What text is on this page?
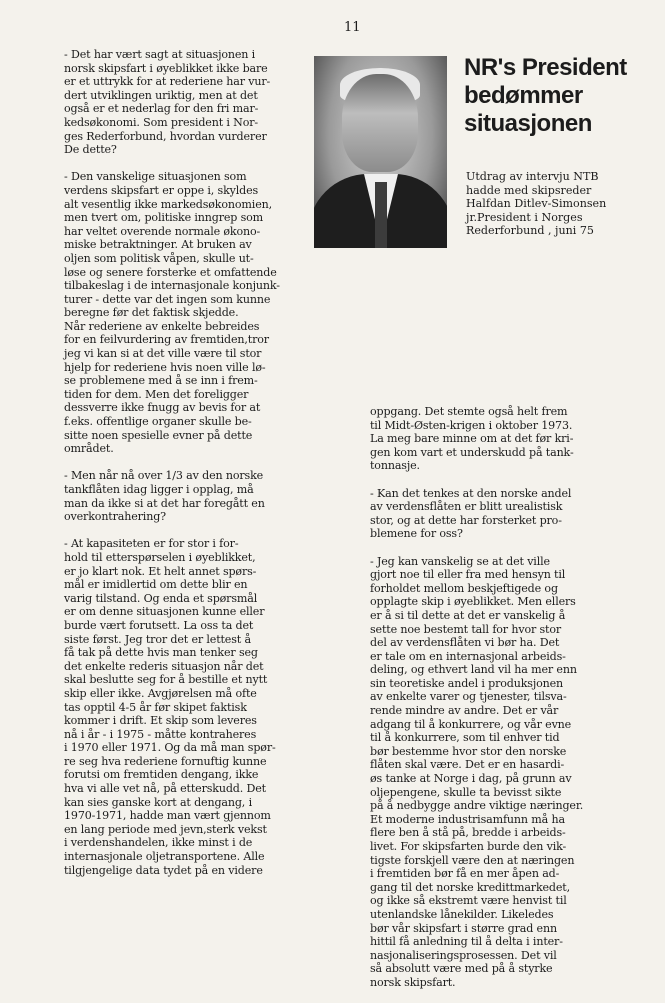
11
NR's President
bedømmer
situasjonen
Utdrag av intervju NTB
hadde med skipsreder
Halfdan Ditlev-Simonsen
jr.President i Norges
Rederforbund , juni 75

- Det har vært sagt at situasjonen i
norsk skipsfart i øyeblikket ikke bare
er et uttrykk for at rederiene har vur-
dert utviklingen uriktig, men at det
også er et nederlag for den fri mar-
kedsøkonomi. Som president i Nor-
ges Rederforbund, hvordan vurderer
De dette?

- Den vanskelige situasjonen som
verdens skipsfart er oppe i, skyldes
alt vesentlig ikke markedsøkonomien,
men tvert om, politiske inngrep som
har veltet overende normale økono-
miske betraktninger. At bruken av
oljen som politisk våpen, skulle ut-
løse og senere forsterke et omfattende
tilbakeslag i de internasjonale konjunk-
turer - dette var det ingen som kunne
beregne før det faktisk skjedde.
Når rederiene av enkelte bebreides
for en feilvurdering av fremtiden,tror
jeg vi kan si at det ville være til stor
hjelp for rederiene hvis noen ville lø-
se problemene med å se inn i frem-
tiden for dem. Men det foreligger
dessverre ikke fnugg av bevis for at
f.eks. offentlige organer skulle be-
sitte noen spesielle evner på dette
området.

- Men når nå over 1/3 av den norske
tankflåten idag ligger i opplag, må
man da ikke si at det har foregått en
overkontrahering?

- At kapasiteten er for stor i for-
hold til etterspørselen i øyeblikket,
er jo klart nok. Et helt annet spørs-
mål er imidlertid om dette blir en
varig tilstand. Og enda et spørsmål
er om denne situasjonen kunne eller
burde vært forutsett. La oss ta det
siste først. Jeg tror det er lettest å
få tak på dette hvis man tenker seg
det enkelte rederis situasjon når det
skal beslutte seg for å bestille et nytt
skip eller ikke. Avgjørelsen må ofte
tas opptil 4-5 år før skipet faktisk
kommer i drift. Et skip som leveres
nå i år - i 1975 - måtte kontraheres
i 1970 eller 1971. Og da må man spør-
re seg hva rederiene fornuftig kunne
forutsi om fremtiden dengang, ikke
hva vi alle vet nå, på etterskudd. Det
kan sies ganske kort at dengang, i
1970-1971, hadde man vært gjennom
en lang periode med jevn,sterk vekst
i verdenshandelen, ikke minst i de
internasjonale oljetransportene. Alle
tilgjengelige data tydet på en videre

oppgang. Det stemte også helt frem
til Midt-Østen-krigen i oktober 1973.
La meg bare minne om at det før kri-
gen kom vart et underskudd på tank-
tonnasje.

- Kan det tenkes at den norske andel
av verdensflåten er blitt urealistisk
stor, og at dette har forsterket pro-
blemene for oss?

- Jeg kan vanskelig se at det ville
gjort noe til eller fra med hensyn til
forholdet mellom beskjeftigede og
opplagte skip i øyeblikket. Men ellers
er å si til dette at det er vanskelig å
sette noe bestemt tall for hvor stor
del av verdensflåten vi bør ha. Det
er tale om en internasjonal arbeids-
deling, og ethvert land vil ha mer enn
sin teoretiske andel i produksjonen
av enkelte varer og tjenester, tilsva-
rende mindre av andre. Det er vår
adgang til å konkurrere, og vår evne
til å konkurrere, som til enhver tid
bør bestemme hvor stor den norske
flåten skal være. Det er en hasardi-
øs tanke at Norge i dag, på grunn av
oljepengene, skulle ta bevisst sikte
på å nedbygge andre viktige næringer.
Et moderne industrisamfunn må ha
flere ben å stå på, bredde i arbeids-
livet. For skipsfarten burde den vik-
tigste forskjell være den at næringen
i fremtiden bør få en mer åpen ad-
gang til det norske kredittmarkedet,
og ikke så ekstremt være henvist til
utenlandske lånekilder. Likeledes
bør vår skipsfart i større grad enn
hittil få anledning til å delta i inter-
nasjonaliseringsprosessen. Det vil
så absolutt være med på å styrke
norsk skipsfart.
